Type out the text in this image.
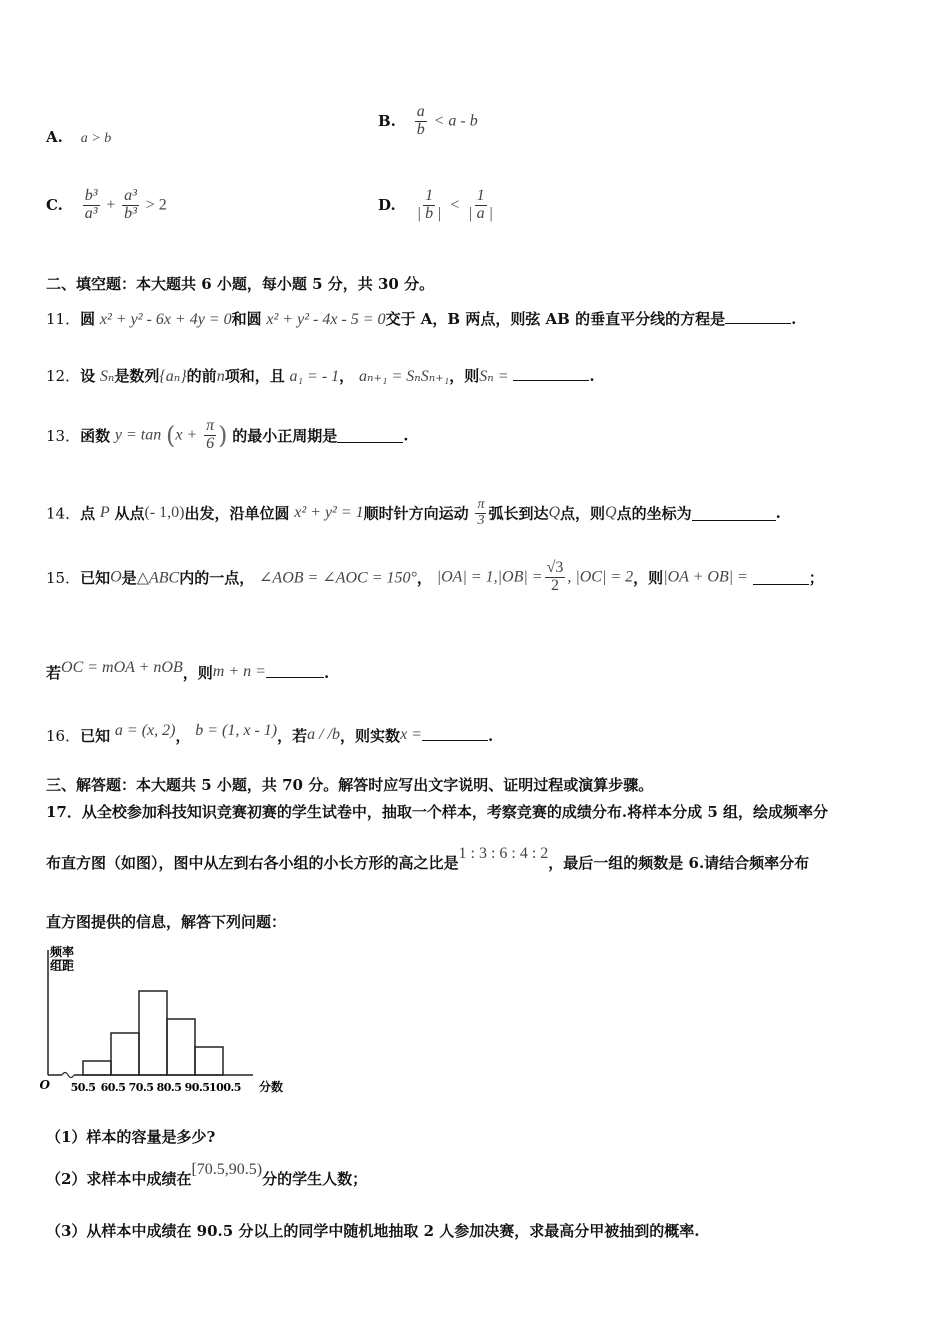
A. a > b
B. $\frac{a}{b} < a - b$
C. $\frac{\text{b³}}{\text{a³}} + \frac{\text{a³}}{\text{b³}} > 2$	D. $\frac{1}{| b |} < \frac{1}{| a |}$
二、填空题：本大题共 6 小题，每小题 5 分，共 30 分。
11．圆 x² + y² - 6x + 4y = 0和圆 x² + y² - 4x - 5 = 0交于 A，B 两点，则弦 AB 的垂直平分线的方程是	.
12．设 Sₙ是数列{aₙ}的前n项和，且 a₁ = - 1， aₙ₊₁ = SₙSₙ₊₁，则Sₙ =	.
13．函数 $y = \tan (x + \frac{\pi}{6}$ ) 的最小正周期是	.
14．点 P 从点(- 1,0)出发，沿单位圆 x² + y² = 1顺时针方向运动 $\frac{\pi}{3}$ 弧长到达Q点，则Q点的坐标为	.
15．已知O是△ABC内的一点， ∠AOB = ∠AOC = 150°， $|OA| = 1,|OB| = \frac{√3}{2}$ , |OC| = 2，则|OA + OB| =	；
若OC = mOA + nOB，则m + n =	.
16．已知 a = (x, 2)， b = (1, x - 1)，若a / /b，则实数x =	.
三、解答题：本大题共 5 小题，共 70 分。解答时应写出文字说明、证明过程或演算步骤。
17．从全校参加科技知识竞赛初赛的学生试卷中，抽取一个样本，考察竞赛的成绩分布.将样本分成 5 组，绘成频率分
布直方图（如图），图中从左到右各小组的小长方形的高之比是1 : 3 : 6 : 4 : 2，最后一组的频数是 6.请结合频率分布
直方图提供的信息，解答下列问题：
频率
组距
O 50.5 60.5 70.5 80.5 90.5 100.5 分数
（1）样本的容量是多少?
（2）求样本中成绩在[70.5,90.5)分的学生人数；
（3）从样本中成绩在 90.5 分以上的同学中随机地抽取 2 人参加决赛，求最高分甲被抽到的概率.
